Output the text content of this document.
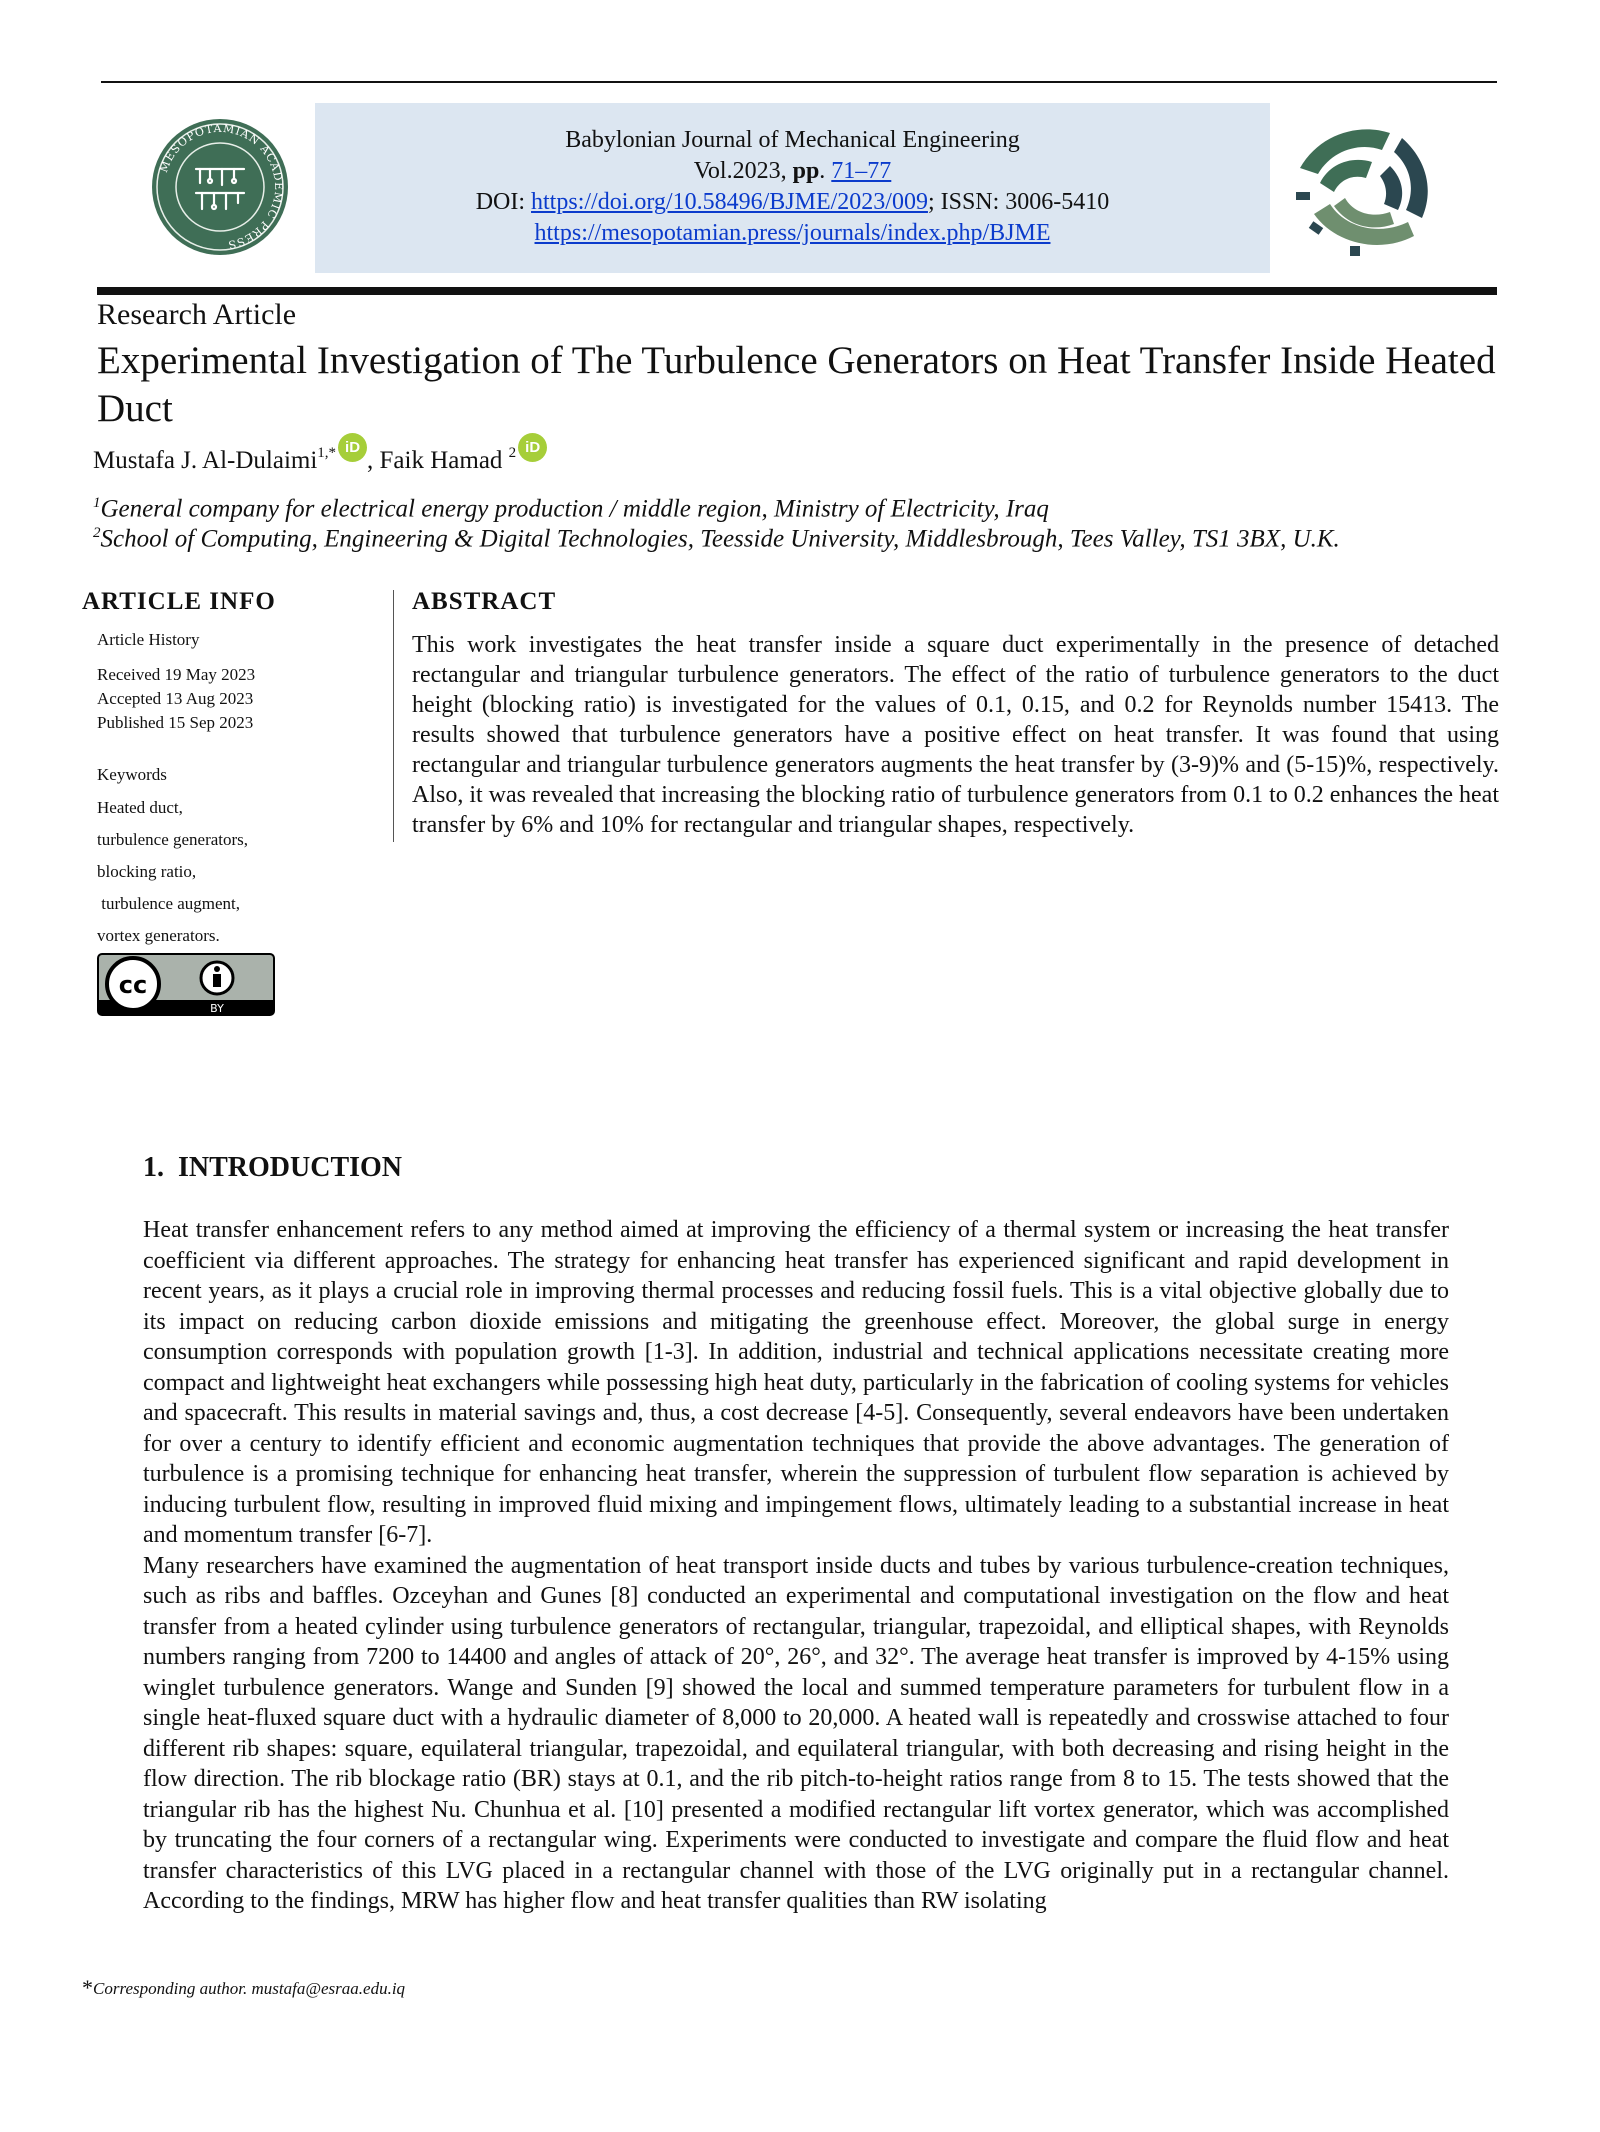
MESOPOTAMIAN ACADEMIC PRESS
Babylonian Journal of Mechanical Engineering
Vol.2023, pp. 71–77
DOI: https://doi.org/10.58496/BJME/2023/009; ISSN: 3006-5410
https://mesopotamian.press/journals/index.php/BJME
Research Article
Experimental Investigation of The Turbulence Generators on Heat Transfer Inside Heated Duct
Mustafa J. Al-Dulaimi$^{1,*}$ iD , Faik Hamad $^2$ iD
$^1$General company for electrical energy production / middle region, Ministry of Electricity, Iraq
$^2$School of Computing, Engineering & Digital Technologies, Teesside University, Middlesbrough, Tees Valley, TS1 3BX, U.K.
ARTICLE INFO
Article History
Received 19 May 2023
Accepted 13 Aug 2023
Published 15 Sep 2023
Keywords
Heated duct,
turbulence generators,
blocking ratio,
turbulence augment,
vortex generators.
cc
BY
ABSTRACT

This work investigates the heat transfer inside a square duct experimentally in the presence of detached rectangular and triangular turbulence generators. The effect of the ratio of turbulence generators to the duct height (blocking ratio) is investigated for the values of 0.1, 0.15, and 0.2 for Reynolds number 15413. The results showed that turbulence generators have a positive effect on heat transfer. It was found that using rectangular and triangular turbulence generators augments the heat transfer by (3-9)% and (5-15)%, respectively. Also, it was revealed that increasing the blocking ratio of turbulence generators from 0.1 to 0.2 enhances the heat transfer by 6% and 10% for rectangular and triangular shapes, respectively.

1. INTRODUCTION

Heat transfer enhancement refers to any method aimed at improving the efficiency of a thermal system or increasing the heat transfer coefficient via different approaches. The strategy for enhancing heat transfer has experienced significant and rapid development in recent years, as it plays a crucial role in improving thermal processes and reducing fossil fuels. This is a vital objective globally due to its impact on reducing carbon dioxide emissions and mitigating the greenhouse effect. Moreover, the global surge in energy consumption corresponds with population growth [1-3]. In addition, industrial and technical applications necessitate creating more compact and lightweight heat exchangers while possessing high heat duty, particularly in the fabrication of cooling systems for vehicles and spacecraft. This results in material savings and, thus, a cost decrease [4-5]. Consequently, several endeavors have been undertaken for over a century to identify efficient and economic augmentation techniques that provide the above advantages. The generation of turbulence is a promising technique for enhancing heat transfer, wherein the suppression of turbulent flow separation is achieved by inducing turbulent flow, resulting in improved fluid mixing and impingement flows, ultimately leading to a substantial increase in heat and momentum transfer [6-7].

Many researchers have examined the augmentation of heat transport inside ducts and tubes by various turbulence-creation techniques, such as ribs and baffles. Ozceyhan and Gunes [8] conducted an experimental and computational investigation on the flow and heat transfer from a heated cylinder using turbulence generators of rectangular, triangular, trapezoidal, and elliptical shapes, with Reynolds numbers ranging from 7200 to 14400 and angles of attack of 20°, 26°, and 32°. The average heat transfer is improved by 4-15% using winglet turbulence generators. Wange and Sunden [9] showed the local and summed temperature parameters for turbulent flow in a single heat-fluxed square duct with a hydraulic diameter of 8,000 to 20,000. A heated wall is repeatedly and crosswise attached to four different rib shapes: square, equilateral triangular, trapezoidal, and equilateral triangular, with both decreasing and rising height in the flow direction. The rib blockage ratio (BR) stays at 0.1, and the rib pitch-to-height ratios range from 8 to 15. The tests showed that the triangular rib has the highest Nu. Chunhua et al. [10] presented a modified rectangular lift vortex generator, which was accomplished by truncating the four corners of a rectangular wing. Experiments were conducted to investigate and compare the fluid flow and heat transfer characteristics of this LVG placed in a rectangular channel with those of the LVG originally put in a rectangular channel. According to the findings, MRW has higher flow and heat transfer qualities than RW isolating

*Corresponding author. mustafa@esraa.edu.iq
